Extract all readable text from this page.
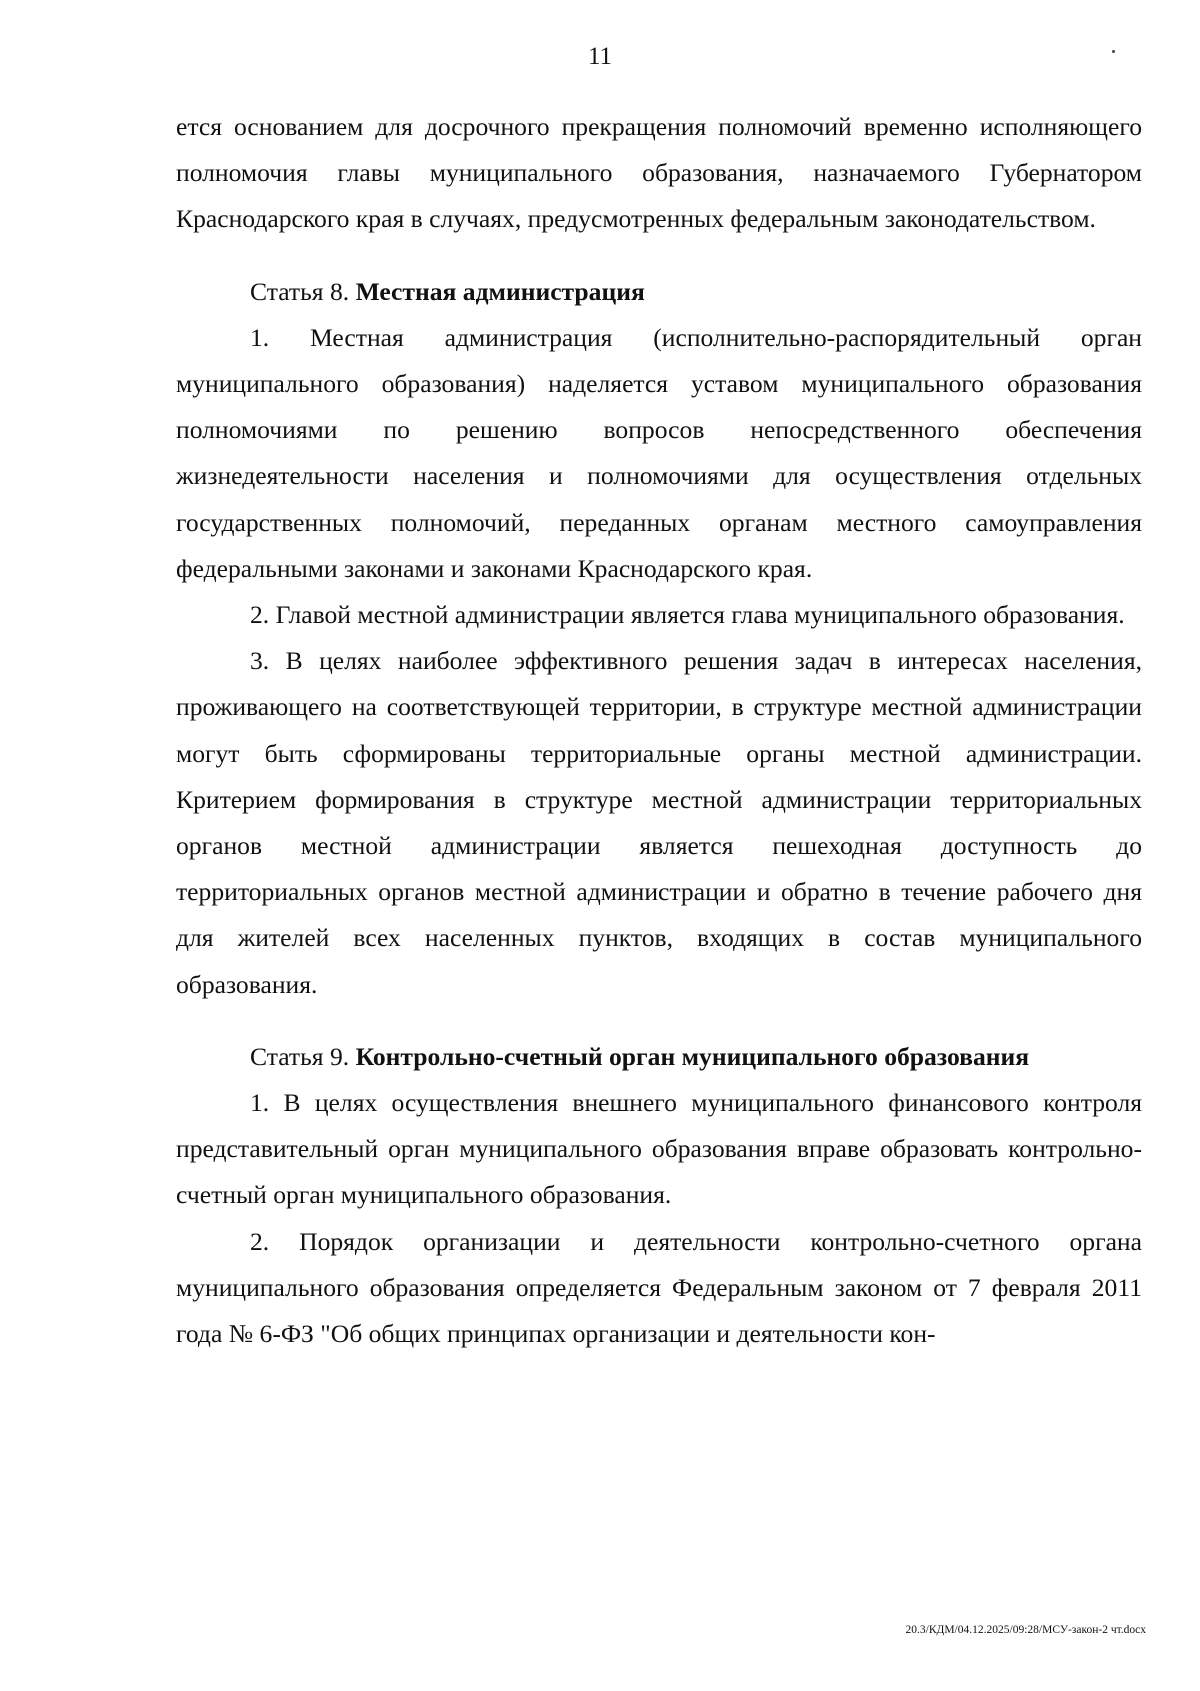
11

ется основанием для досрочного прекращения полномочий временно исполняющего полномочия главы муниципального образования, назначаемого Губернатором Краснодарского края в случаях, предусмотренных федеральным законодательством.

Статья 8. Местная администрация

1. Местная администрация (исполнительно-распорядительный орган муниципального образования) наделяется уставом муниципального образования полномочиями по решению вопросов непосредственного обеспечения жизнедеятельности населения и полномочиями для осуществления отдельных государственных полномочий, переданных органам местного самоуправления федеральными законами и законами Краснодарского края.

2. Главой местной администрации является глава муниципального образования.

3. В целях наиболее эффективного решения задач в интересах населения, проживающего на соответствующей территории, в структуре местной администрации могут быть сформированы территориальные органы местной администрации. Критерием формирования в структуре местной администрации территориальных органов местной администрации является пешеходная доступность до территориальных органов местной администрации и обратно в течение рабочего дня для жителей всех населенных пунктов, входящих в состав муниципального образования.

Статья 9. Контрольно-счетный орган муниципального образования

1. В целях осуществления внешнего муниципального финансового контроля представительный орган муниципального образования вправе образовать контрольно-счетный орган муниципального образования.

2. Порядок организации и деятельности контрольно-счетного органа муниципального образования определяется Федеральным законом от 7 февраля 2011 года № 6-ФЗ "Об общих принципах организации и деятельности кон-

20.3/КДМ/04.12.2025/09:28/МСУ-закон-2 чт.docx
